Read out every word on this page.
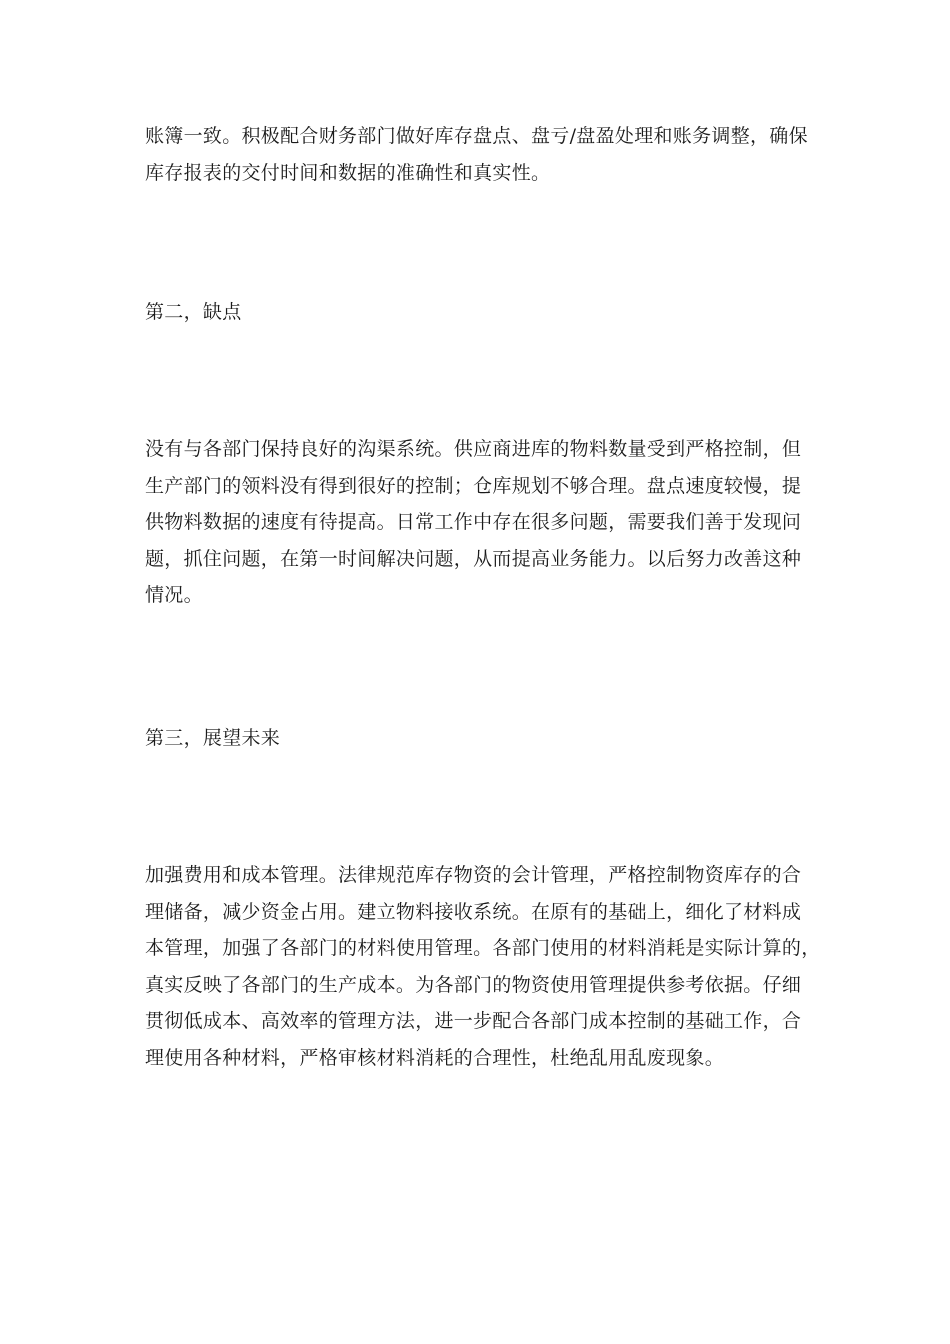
账簿一致。积极配合财务部门做好库存盘点、盘亏/盘盈处理和账务调整，确保
库存报表的交付时间和数据的准确性和真实性。

第二，缺点

没有与各部门保持良好的沟渠系统。供应商进库的物料数量受到严格控制，但
生产部门的领料没有得到很好的控制；仓库规划不够合理。盘点速度较慢，提
供物料数据的速度有待提高。日常工作中存在很多问题，需要我们善于发现问
题，抓住问题，在第一时间解决问题，从而提高业务能力。以后努力改善这种
情况。

第三，展望未来

加强费用和成本管理。法律规范库存物资的会计管理，严格控制物资库存的合
理储备，减少资金占用。建立物料接收系统。在原有的基础上，细化了材料成
本管理，加强了各部门的材料使用管理。各部门使用的材料消耗是实际计算的，
真实反映了各部门的生产成本。为各部门的物资使用管理提供参考依据。仔细
贯彻低成本、高效率的管理方法，进一步配合各部门成本控制的基础工作，合
理使用各种材料，严格审核材料消耗的合理性，杜绝乱用乱废现象。
